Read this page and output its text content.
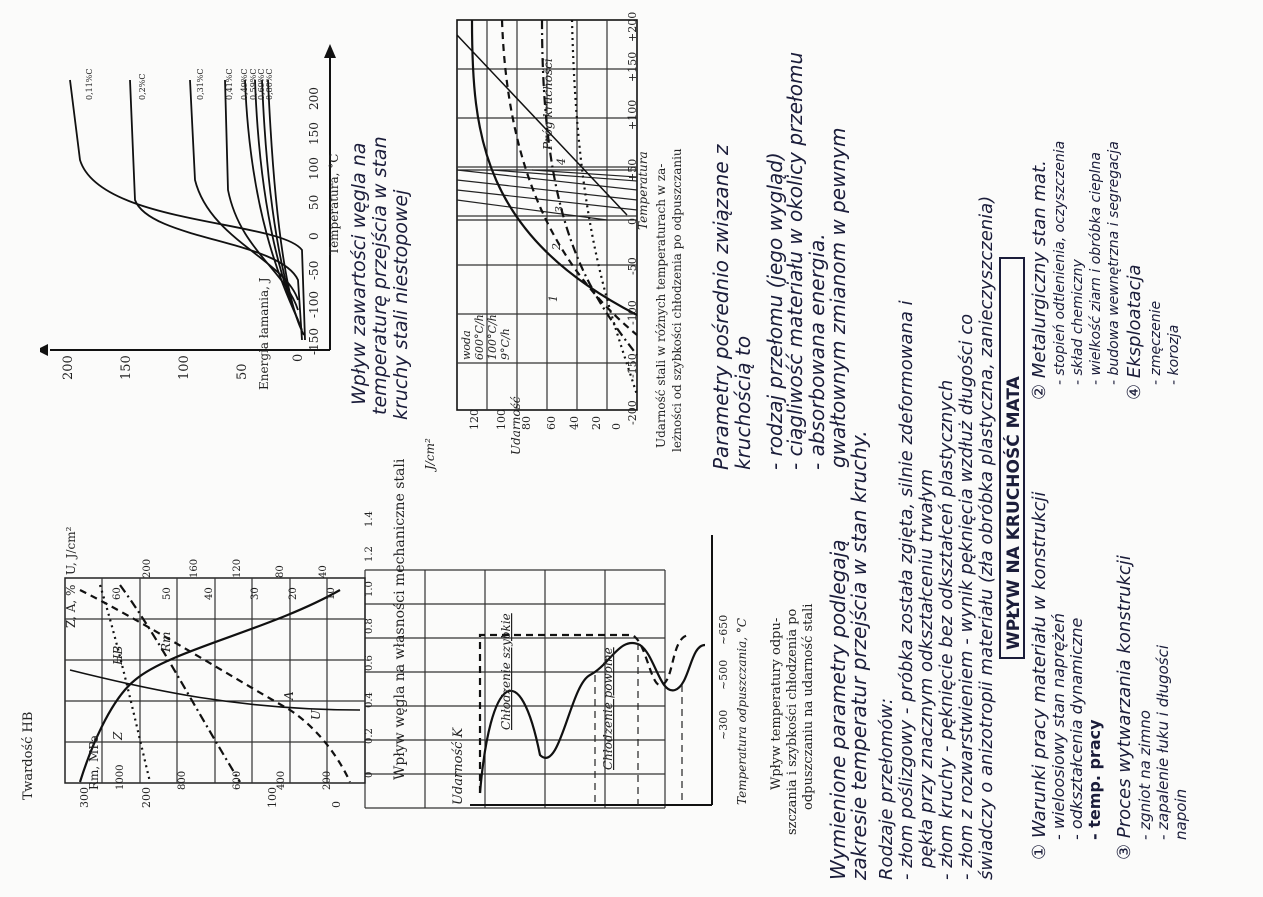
Twardość HB	Rm, MPa
Z, A, %
U, J/cm²
300	200	100	0
1000	800	600	400	200
60	50	40	30	20	10
200	160	120	80	40
0
0.2
0.4
0.6
0.8
1.0
1.2
1.4
Rm
HB
Z
A
U	Wpływ węgla na własności mechaniczne stali	Udarność K
Chłodzenie szybkie	Chłodzenie powolne	~300
~500
~650 Temperatura odpuszczania, °C Wpływ temperatury odpu- szczania i szybkości chłodzenia po odpuszczaniu na udarność stali
200	150	100	50
0
Energia łamania, J	-150
-100
-50
0
50
100
150
200
Temperatura, °C
0,11%C	0,2%C	0,31%C	0,41%C 0,49%C 0,59%C 0,69%C 0,80%C
J/cm²	Udarność
120 100 80 60 40 20 0
-200
-150
-100
-50
0
+50
+100
+150
+200
Temperatura
woda 600°C/h 100°C/h 9°C/h
Próg kruchości
1
2
3
4
Udarność stali w różnych temperaturach w za- leżności od szybkości chłodzenia po odpuszczaniu
Wpływ zawartości węgla na temperaturę przejścia w stan kruchy stali niestopowej	Parametry pośrednio związane z
kruchością to - rodzaj przełomu (jego wygląd)
- ciągliwość materiału w okolicy przełomu
- absorbowana energia.
Wymienione parametry podlegają
gwałtownym zmianom w pewnym
zakresie temperatur przejścia w stan kruchy. Rodzaje przełomów: - złom poślizgowy - próbka została zgięta, silnie zdeformowana i pękła przy znacznym odkształceniu trwałym - złom kruchy - pęknięcie bez odkształceń plastycznych - złom z rozwarstwieniem - wynik pęknięcia wzdłuż długości co świadczy o anizotropii materiału (zła obróbka plastyczna, zanieczyszczenia) WPŁYW NA KRUCHOŚĆ MATA ① Warunki pracy materiału w konstrukcji - wieloosiowy stan naprężeń - odkształcenia dynamiczne - temp. pracy
② Metalurgiczny stan mat. - stopień odtlenienia, oczyszczenia - skład chemiczny - wielkość ziarn i obróbka cieplna - budowa wewnętrzna i segregacja
③ Proces wytwarzania konstrukcji - zgniot na zimno - zapalenie łuku i długości napoin
④ Eksploatacja - zmęczenie - korozja
